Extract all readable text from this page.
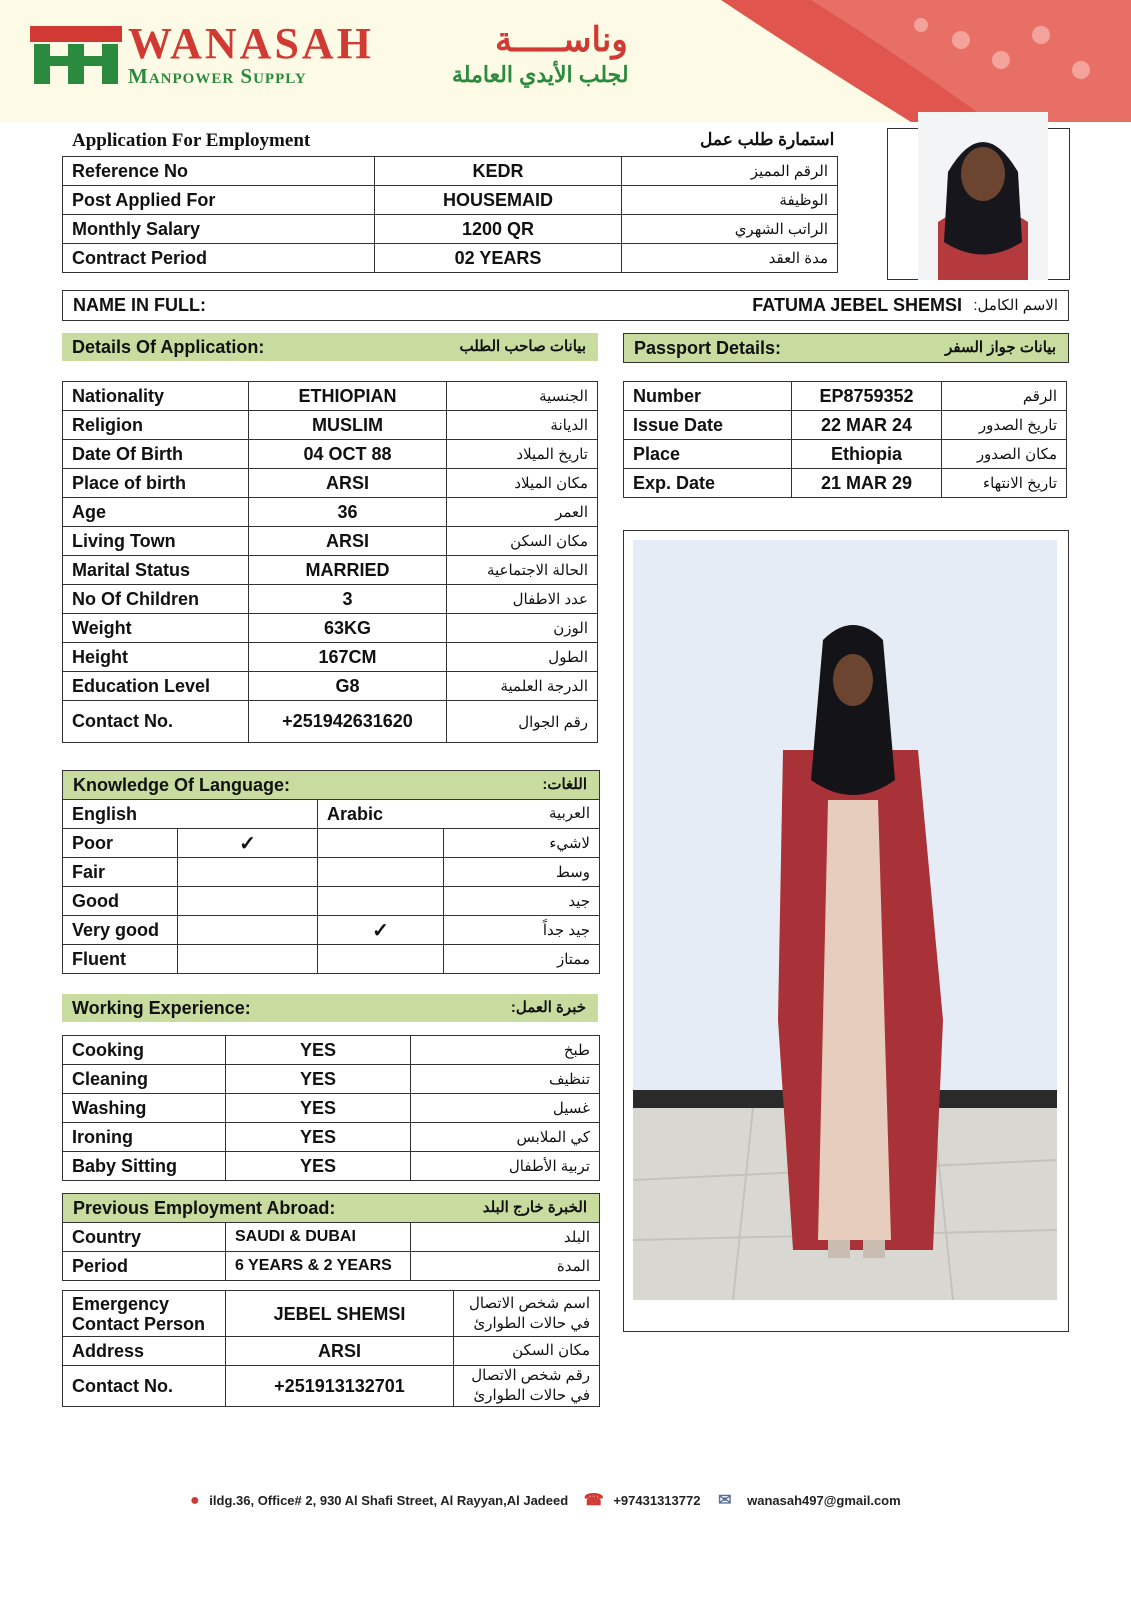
WANASAH	وناســـــة
Manpower Supply	لجلب الأيدي العاملة
Application For Employment	استمارة طلب عمل
Reference No	KEDR	الرقم المميز
Post Applied For	HOUSEMAID	الوظيفة
Monthly Salary	1200 QR	الراتب الشهري
Contract Period	02 YEARS	مدة العقد
NAME IN FULL:	FATUMA JEBEL SHEMSI الاسم الكامل:
Details Of Application:	بيانات صاحب الطلب	Passport Details:	بيانات جواز السفر
Nationality	ETHIOPIAN	الجنسية
Religion	MUSLIM	الديانة
Date Of Birth	04 OCT 88	تاريخ الميلاد
Place of birth	ARSI	مكان الميلاد
Age	36	العمر
Living Town	ARSI	مكان السكن
Marital Status	MARRIED	الحالة الاجتماعية
No Of Children	3	عدد الاطفال
Weight	63KG	الوزن
Height	167CM	الطول
Education Level	G8	الدرجة العلمية
Contact No.	+251942631620	رقم الجوال
Number	EP8759352	الرقم
Issue Date	22 MAR 24	تاريخ الصدور
Place	Ethiopia	مكان الصدور
Exp. Date	21 MAR 29	تاريخ الانتهاء
Knowledge Of Language:	اللغات:
English		Arabic العربية	

Poor	✓		لاشيء
Fair			وسط
Good			جيد
Very good		✓	جيد جداً
Fluent			ممتاز
Working Experience:	خبرة العمل:
Cooking	YES	طبخ
Cleaning	YES	تنظيف
Washing	YES	غسيل
Ironing	YES	كي الملابس
Baby Sitting	YES	تربية الأطفال
Previous Employment Abroad:	الخبرة خارج البلد
Country	SAUDI & DUBAI	البلد
Period	6 YEARS & 2 YEARS	المدة
Emergency Contact Person	JEBEL SHEMSI	اسم شخص الاتصال في حالات الطوارئ
Address	ARSI	مكان السكن
Contact No.	+251913132701	رقم شخص الاتصال في حالات الطوارئ
● ildg.36, Office# 2, 930 Al Shafi Street, Al Rayyan,Al Jadeed ☎ +97431313772 ✉ wanasah497@gmail.com
